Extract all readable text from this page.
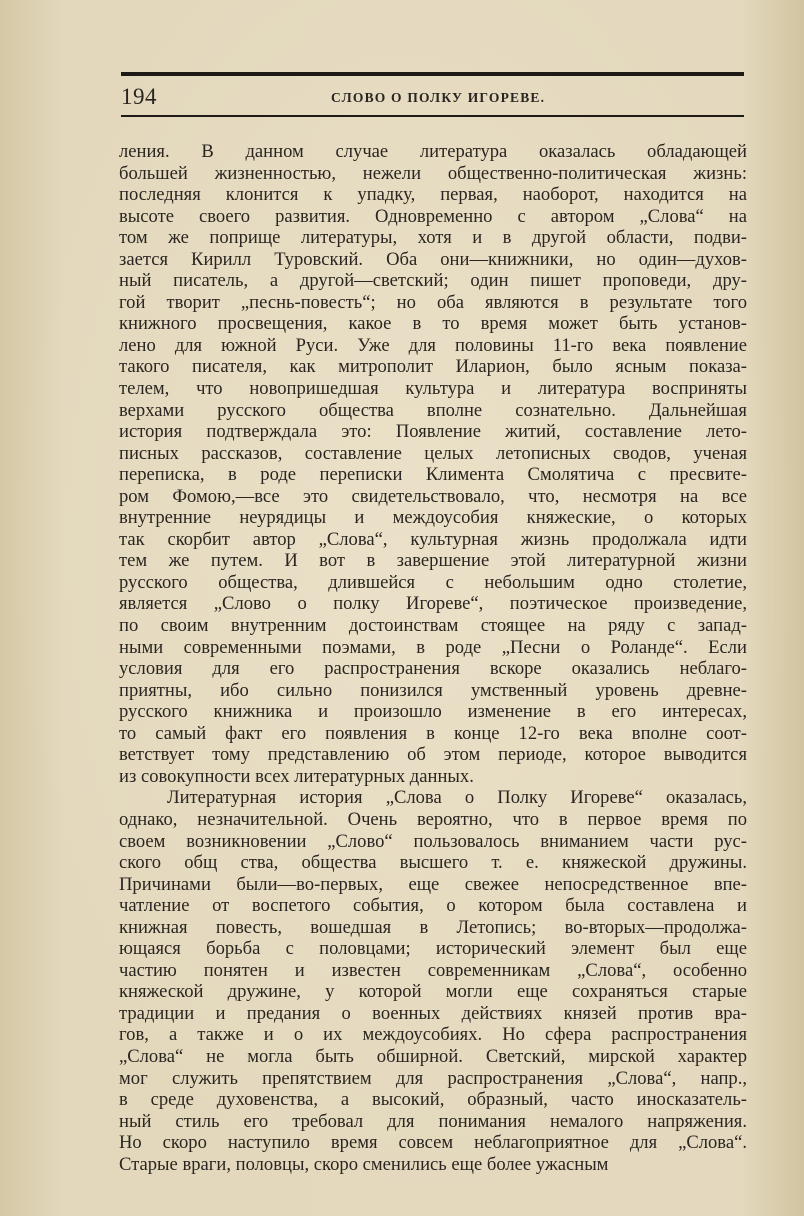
194	СЛОВО О ПОЛКУ ИГОРЕВЕ.
ления. В данном случае литература оказалась обладающей
большей жизненностью, нежели общественно-политическая жизнь:
последняя клонится к упадку, первая, наоборот, находится на
высоте своего развития. Одновременно с автором „Слова“ на
том же поприще литературы, хотя и в другой области, подви-
зается Кирилл Туровский. Оба они—книжники, но один—духов-
ный писатель, а другой—светский; один пишет проповеди, дру-
гой творит „песнь-повесть“; но оба являются в результате того
книжного просвещения, какое в то время может быть установ-
лено для южной Руси. Уже для половины 11-го века появление
такого писателя, как митрополит Иларион, было ясным показа-
телем, что новопришедшая культура и литература восприняты
верхами русского общества вполне сознательно. Дальнейшая
история подтверждала это: Появление житий, составление лето-
писных рассказов, составление целых летописных сводов, ученая
переписка, в роде переписки Климента Смолятича с пресвите-
ром Фомою,—все это свидетельствовало, что, несмотря на все
внутренние неурядицы и междоусобия княжеские, о которых
так скорбит автор „Слова“, культурная жизнь продолжала идти
тем же путем. И вот в завершение этой литературной жизни
русского общества, длившейся с небольшим одно столетие,
является „Слово о полку Игореве“, поэтическое произведение,
по своим внутренним достоинствам стоящее на ряду с запад-
ными современными поэмами, в роде „Песни о Роланде“. Если
условия для его распространения вскоре оказались неблаго-
приятны, ибо сильно понизился умственный уровень древне-
русского книжника и произошло изменение в его интересах,
то самый факт его появления в конце 12-го века вполне соот-
ветствует тому представлению об этом периоде, которое выводится
из совокупности всех литературных данных.
Литературная история „Слова о Полку Игореве“ оказалась,
однако, незначительной. Очень вероятно, что в первое время по
своем возникновении „Слово“ пользовалось вниманием части рус-
ского общ ства, общества высшего т. е. княжеской дружины.
Причинами были—во-первых, еще свежее непосредственное впе-
чатление от воспетого события, о котором была составлена и
книжная повесть, вошедшая в Летопись; во-вторых—продолжа-
ющаяся борьба с половцами; исторический элемент был еще
частию понятен и известен современникам „Слова“, особенно
княжеской дружине, у которой могли еще сохраняться старые
традиции и предания о военных действиях князей против вра-
гов, а также и о их междоусобиях. Но сфера распространения
„Слова“ не могла быть обширной. Светский, мирской характер
мог служить препятствием для распространения „Слова“, напр.,
в среде духовенства, а высокий, образный, часто иносказатель-
ный стиль его требовал для понимания немалого напряжения.
Но скоро наступило время совсем неблагоприятное для „Слова“.
Старые враги, половцы, скоро сменились еще более ужасным
